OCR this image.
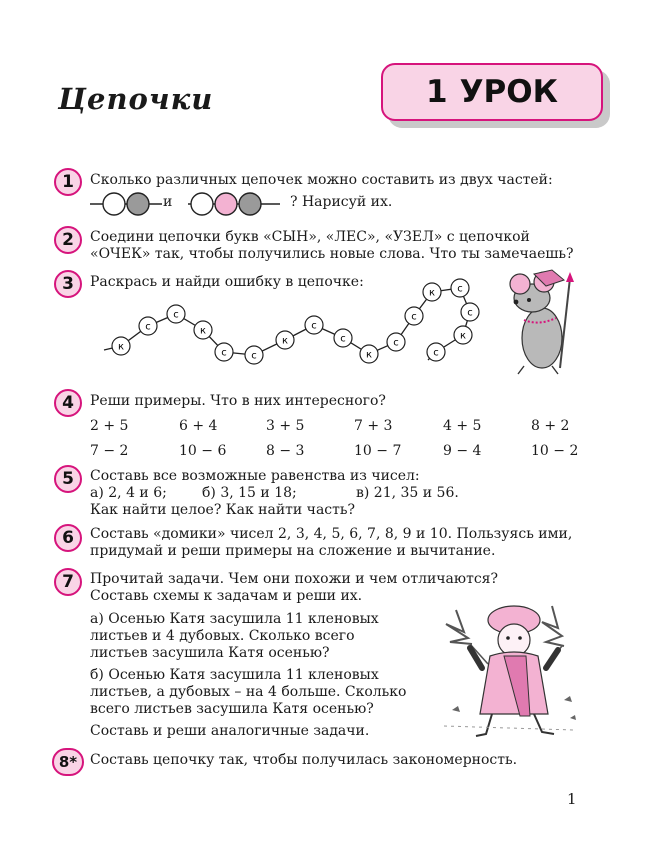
Цепочки	1 УРОК
1	Сколько различных цепочек можно составить из двух частей:
и	? Нарисуй их.
2	Соедини цепочки букв «СЫН», «ЛЕС», «УЗЕЛ» с цепочкой
«ОЧЕК» так, чтобы получились новые слова. Что ты замечаешь?
3	Раскрась и найди ошибку в цепочке:
к
с
с
к
с с
к
с
с
к
с
с
к с
с
к
с
4	Реши примеры. Что в них интересного?
2 + 5	6 + 4	3 + 5	7 + 3	4 + 5	8 + 2
7 − 2	10 − 6	8 − 3	10 − 7	9 − 4	10 − 2
5	Составь все возможные равенства из чисел:
а) 2, 4 и 6;	б) 3, 15 и 18;	в) 21, 35 и 56.
Как найти целое? Как найти часть?
6	Составь «домики» чисел 2, 3, 4, 5, 6, 7, 8, 9 и 10. Пользуясь ими,
придумай и реши примеры на сложение и вычитание.
7	Прочитай задачи. Чем они похожи и чем отличаются?
Составь схемы к задачам и реши их.
а) Осенью Катя засушила 11 кленовых
листьев и 4 дубовых. Сколько всего
листьев засушила Катя осенью?
б) Осенью Катя засушила 11 кленовых
листьев, а дубовых – на 4 больше. Сколько
всего листьев засушила Катя осенью?
Составь и реши аналогичные задачи.
8* Составь цепочку так, чтобы получилась закономерность.
1
